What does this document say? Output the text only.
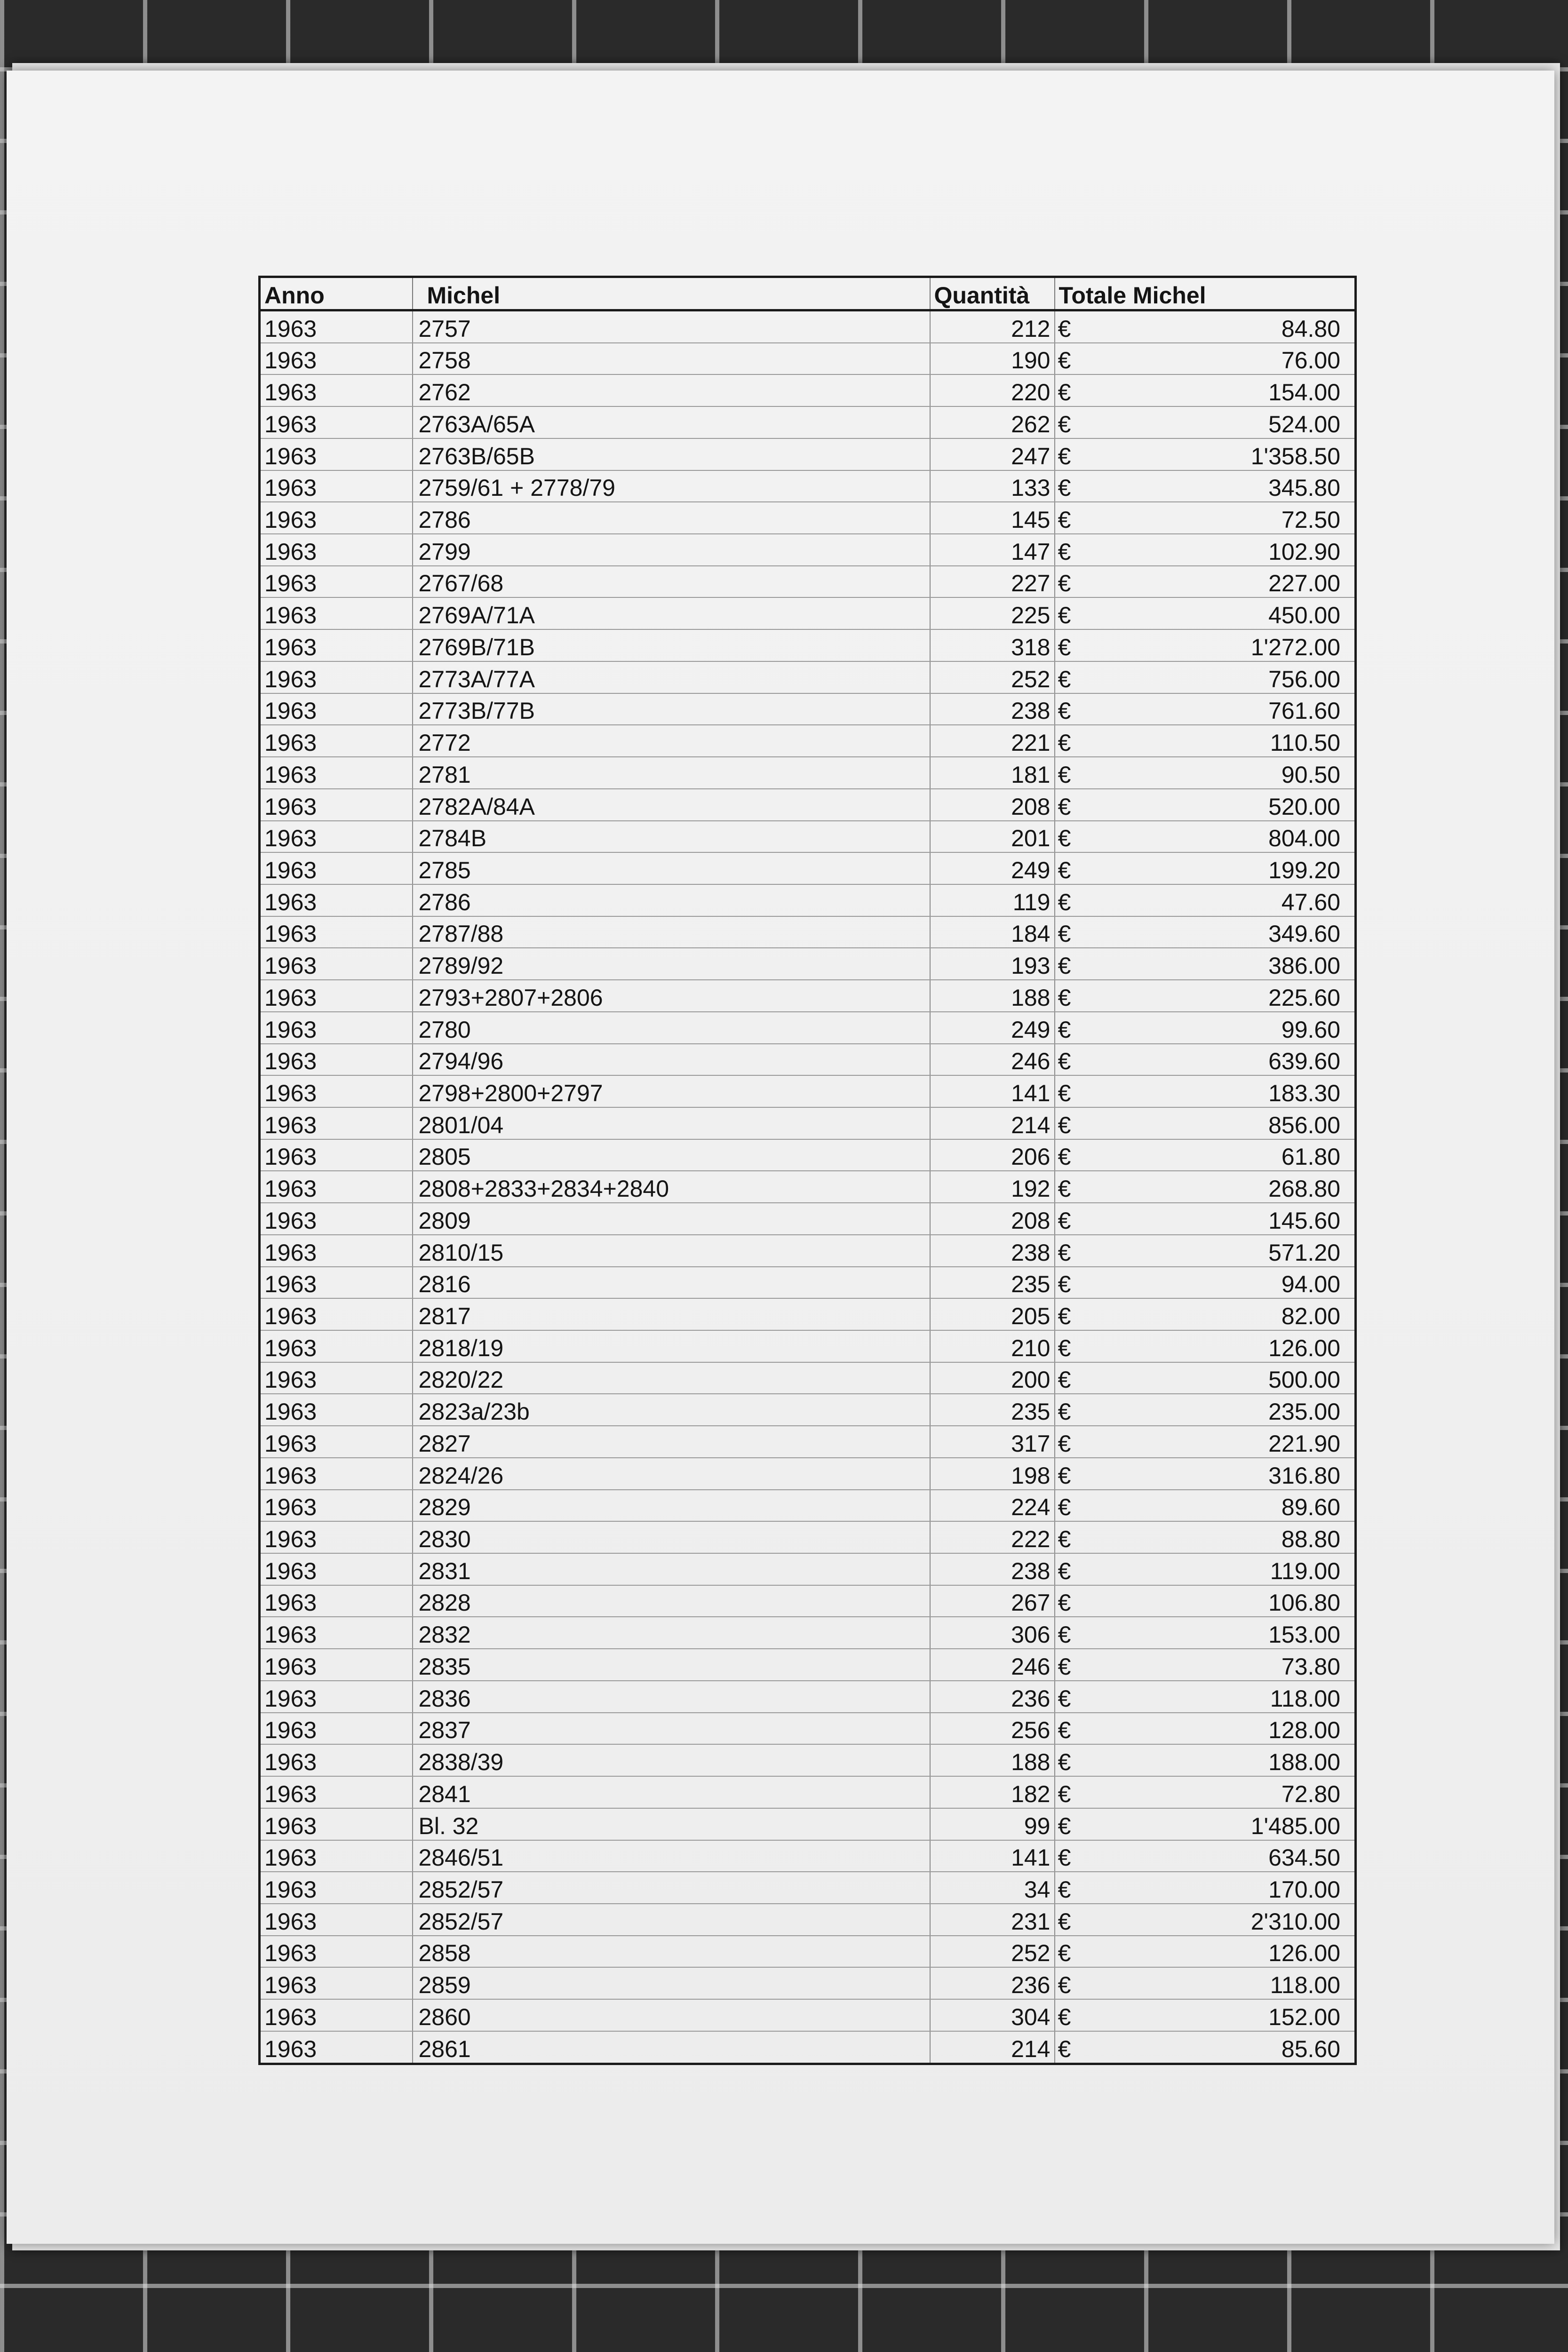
Anno	Michel	Quantità	Totale Michel	
1963	2757	212	€	84.80
1963	2758	190	€	76.00
1963	2762	220	€	154.00
1963	2763A/65A	262	€	524.00
1963	2763B/65B	247	€	1'358.50
1963	2759/61 + 2778/79	133	€	345.80
1963	2786	145	€	72.50
1963	2799	147	€	102.90
1963	2767/68	227	€	227.00
1963	2769A/71A	225	€	450.00
1963	2769B/71B	318	€	1'272.00
1963	2773A/77A	252	€	756.00
1963	2773B/77B	238	€	761.60
1963	2772	221	€	110.50
1963	2781	181	€	90.50
1963	2782A/84A	208	€	520.00
1963	2784B	201	€	804.00
1963	2785	249	€	199.20
1963	2786	119	€	47.60
1963	2787/88	184	€	349.60
1963	2789/92	193	€	386.00
1963	2793+2807+2806	188	€	225.60
1963	2780	249	€	99.60
1963	2794/96	246	€	639.60
1963	2798+2800+2797	141	€	183.30
1963	2801/04	214	€	856.00
1963	2805	206	€	61.80
1963	2808+2833+2834+2840	192	€	268.80
1963	2809	208	€	145.60
1963	2810/15	238	€	571.20
1963	2816	235	€	94.00
1963	2817	205	€	82.00
1963	2818/19	210	€	126.00
1963	2820/22	200	€	500.00
1963	2823a/23b	235	€	235.00
1963	2827	317	€	221.90
1963	2824/26	198	€	316.80
1963	2829	224	€	89.60
1963	2830	222	€	88.80
1963	2831	238	€	119.00
1963	2828	267	€	106.80
1963	2832	306	€	153.00
1963	2835	246	€	73.80
1963	2836	236	€	118.00
1963	2837	256	€	128.00
1963	2838/39	188	€	188.00
1963	2841	182	€	72.80
1963	Bl. 32	99	€	1'485.00
1963	2846/51	141	€	634.50
1963	2852/57	34	€	170.00
1963	2852/57	231	€	2'310.00
1963	2858	252	€	126.00
1963	2859	236	€	118.00
1963	2860	304	€	152.00
1963	2861	214	€	85.60
